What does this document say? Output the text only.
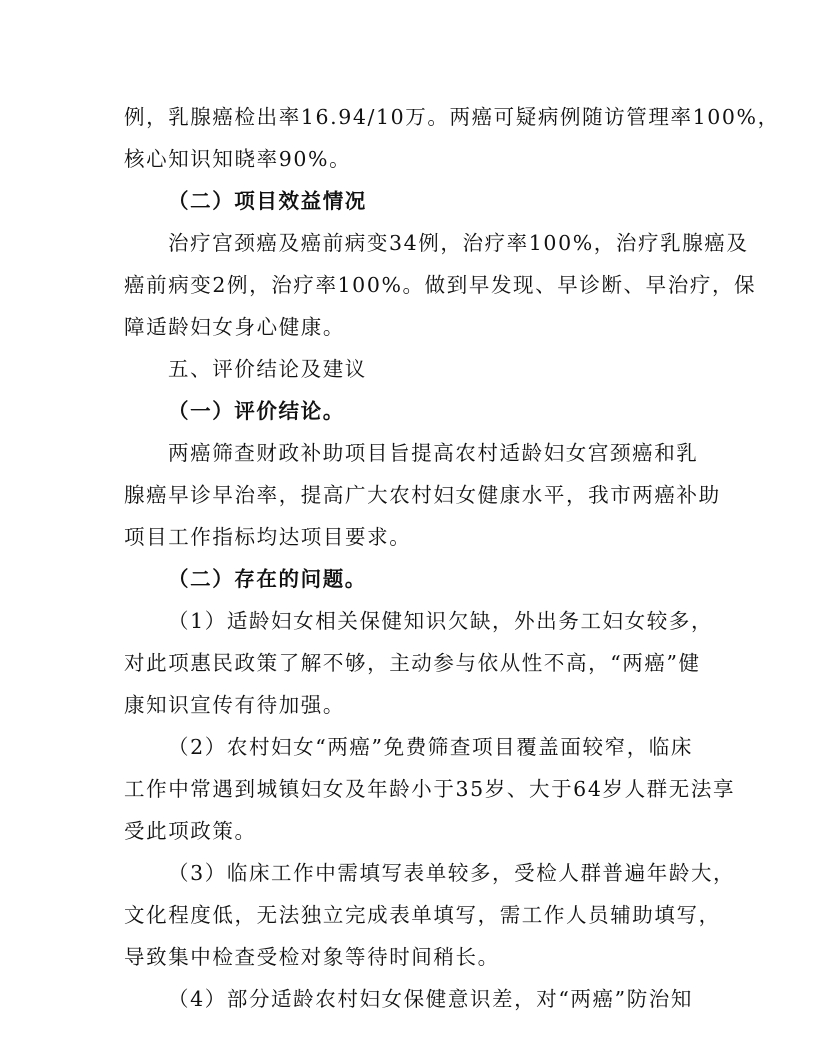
例，乳腺癌检出率16.94/10万。两癌可疑病例随访管理率100%，
核心知识知晓率90%。
（二）项目效益情况
治疗宫颈癌及癌前病变34例，治疗率100%，治疗乳腺癌及
癌前病变2例，治疗率100%。做到早发现、早诊断、早治疗，保
障适龄妇女身心健康。
五、评价结论及建议
（一）评价结论。
两癌筛查财政补助项目旨提高农村适龄妇女宫颈癌和乳
腺癌早诊早治率，提高广大农村妇女健康水平，我市两癌补助
项目工作指标均达项目要求。
（二）存在的问题。
（1）适龄妇女相关保健知识欠缺，外出务工妇女较多，
对此项惠民政策了解不够，主动参与依从性不高，“两癌”健
康知识宣传有待加强。
（2）农村妇女“两癌”免费筛查项目覆盖面较窄，临床
工作中常遇到城镇妇女及年龄小于35岁、大于64岁人群无法享
受此项政策。
（3）临床工作中需填写表单较多，受检人群普遍年龄大，
文化程度低，无法独立完成表单填写，需工作人员辅助填写，
导致集中检查受检对象等待时间稍长。
（4）部分适龄农村妇女保健意识差，对“两癌”防治知
